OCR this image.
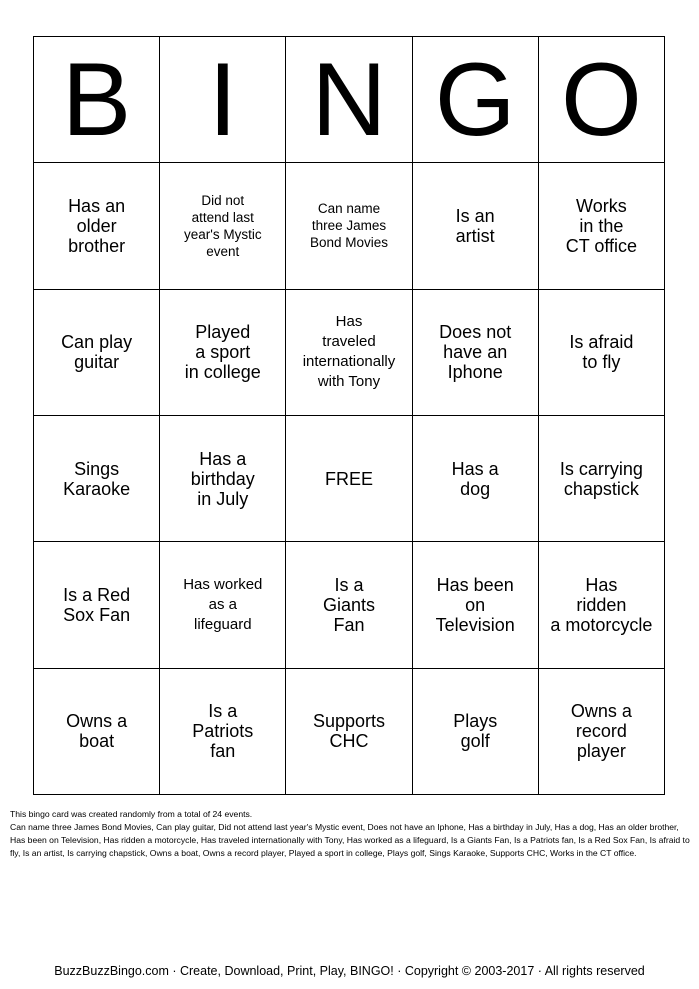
B I N G O
Has an
older
brother
Did not
attend last
year's Mystic
event
Can name
three James
Bond Movies
Is an
artist
Works
in the
CT office
Can play
guitar
Played
a sport
in college
Has
traveled
internationally
with Tony
Does not
have an
Iphone
Is afraid
to fly
Sings
Karaoke
Has a
birthday
in July
FREE	Has a
dog
Is carrying
chapstick
Is a Red
Sox Fan
Has worked
as a
lifeguard
Is a
Giants
Fan
Has been
on
Television
Has
ridden
a motorcycle
Owns a
boat
Is a
Patriots
fan
Supports
CHC
Plays
golf
Owns a
record
player

This bingo card was created randomly from a total of 24 events.

Can name three James Bond Movies, Can play guitar, Did not attend last year's Mystic event, Does not have an Iphone, Has a birthday in July, Has a dog, Has an older brother, Has been on Television, Has ridden a motorcycle, Has traveled internationally with Tony, Has worked as a lifeguard, Is a Giants Fan, Is a Patriots fan, Is a Red Sox Fan, Is afraid to fly, Is an artist, Is carrying chapstick, Owns a boat, Owns a record player, Played a sport in college, Plays golf, Sings Karaoke, Supports CHC, Works in the CT office.

BuzzBuzzBingo.com · Create, Download, Print, Play, BINGO! · Copyright © 2003-2017 · All rights reserved
